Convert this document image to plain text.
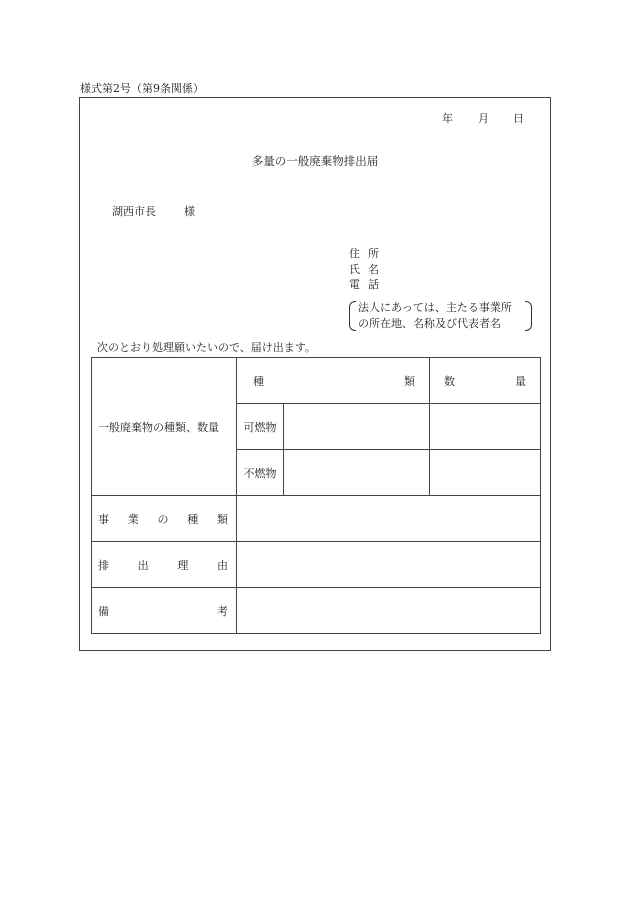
様式第2号（第9条関係）
年 月 日
多量の一般廃棄物排出届
湖西市長	様
住 所
氏 名
電 話
法人にあっては、主たる事業所
の所在地、名称及び代表者名
次のとおり処理願いたいので、届け出ます。
一般廃棄物の種類、数量	種 類		数 量

	可燃物		
	不燃物		

事 業 の 種 類			

排 出 理 由			

備 考			
